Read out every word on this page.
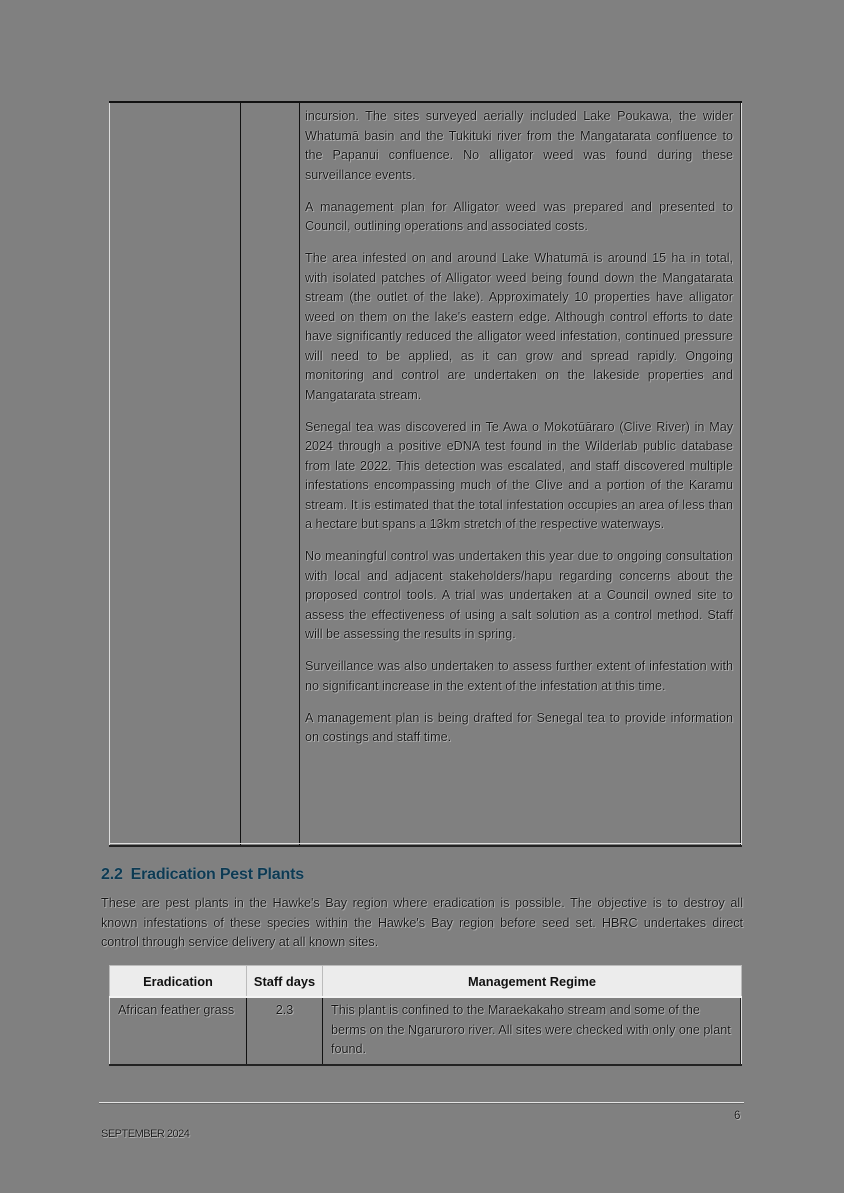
incursion. The sites surveyed aerially included Lake Poukawa, the wider Whatumā basin and the Tukituki river from the Mangatarata confluence to the Papanui confluence. No alligator weed was found during these surveillance events.

A management plan for Alligator weed was prepared and presented to Council, outlining operations and associated costs.

The area infested on and around Lake Whatumā is around 15 ha in total, with isolated patches of Alligator weed being found down the Mangatarata stream (the outlet of the lake). Approximately 10 properties have alligator weed on them on the lake's eastern edge. Although control efforts to date have significantly reduced the alligator weed infestation, continued pressure will need to be applied, as it can grow and spread rapidly. Ongoing monitoring and control are undertaken on the lakeside properties and Mangatarata stream.

Senegal tea was discovered in Te Awa o Mokotūāraro (Clive River) in May 2024 through a positive eDNA test found in the Wilderlab public database from late 2022. This detection was escalated, and staff discovered multiple infestations encompassing much of the Clive and a portion of the Karamu stream. It is estimated that the total infestation occupies an area of less than a hectare but spans a 13km stretch of the respective waterways.

No meaningful control was undertaken this year due to ongoing consultation with local and adjacent stakeholders/hapu regarding concerns about the proposed control tools. A trial was undertaken at a Council owned site to assess the effectiveness of using a salt solution as a control method. Staff will be assessing the results in spring.

Surveillance was also undertaken to assess further extent of infestation with no significant increase in the extent of the infestation at this time.

A management plan is being drafted for Senegal tea to provide information on costings and staff time.

2.2 Eradication Pest Plants

These are pest plants in the Hawke's Bay region where eradication is possible. The objective is to destroy all known infestations of these species within the Hawke's Bay region before seed set. HBRC undertakes direct control through service delivery at all known sites.

Eradication	Staff days	Management Regime
African feather grass	2.3	This plant is confined to the Maraekakaho stream and some of the berms on the Ngaruroro river. All sites were checked with only one plant found.
6
SEPTEMBER 2024
